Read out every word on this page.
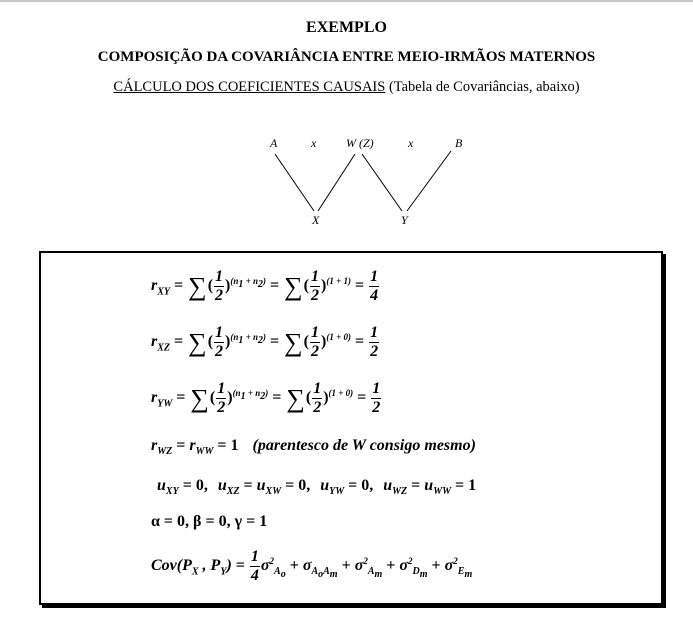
EXEMPLO
COMPOSIÇÃO DA COVARIÂNCIA ENTRE MEIO-IRMÃOS MATERNOS
CÁLCULO DOS COEFICIENTES CAUSAIS (Tabela de Covariâncias, abaixo)
A	x W (Z)	x	B
X	Y
$r_{XY}$ = ∑( $\frac{1}{2} )^{(n_1 + n_2)}$ = ∑( $\frac{1}{2} )^{(1 + 1)} = \frac{1}{4}$
$r_{XZ}$ = ∑( $\frac{1}{2} )^{(n_1 + n_2)}$ = ∑( $\frac{1}{2} )^{(1 + 0)} = \frac{1}{2}$
$r_{YW}$ = ∑( $\frac{1}{2} )^{(n_1 + n_2)}$ = ∑( $\frac{1}{2} )^{(1 + 0)} = \frac{1}{2}$
$r_{WZ} = r_{WW} = 1$ (parentesco de W consigo mesmo)
$u_{XY} = 0$, $u_{XZ} = u_{XW} = 0$, $u_{YW} = 0$, $u_{WZ} = u_{WW} = 1$
α = 0, β = 0, γ = 1
$Cov(P_X$ , $P_Y) = \frac{1}{4} \sigma^2_{A_o} + \sigma_{A_oA_m} + \sigma^2_{A_m} + \sigma^2_{D_m} + \sigma^2_{E_m}$
